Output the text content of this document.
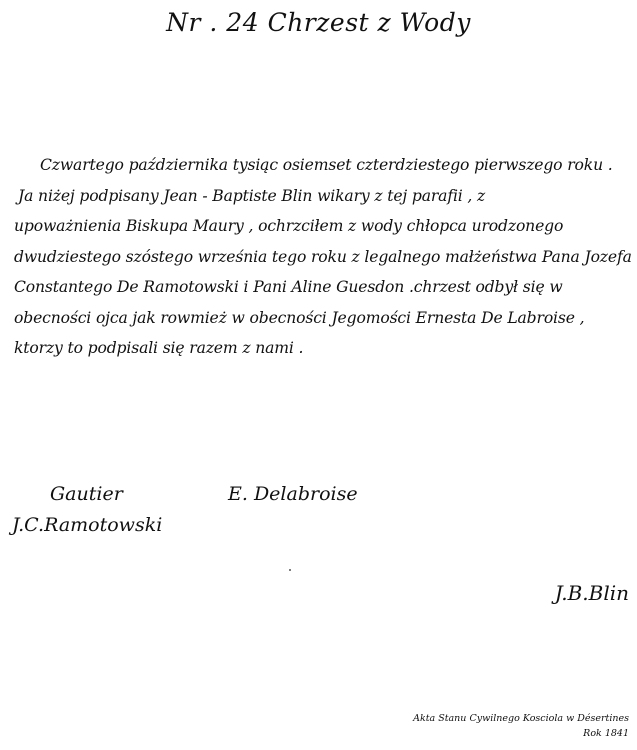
Nr . 24 Chrzest z Wody
Czwartego października tysiąc osiemset czterdziestego pierwszego roku .
Ja niżej podpisany Jean - Baptiste Blin wikary z tej parafii , z
upoważnienia Biskupa Maury , ochrzciłem z wody chłopca urodzonego
dwudziestego szóstego września tego roku z legalnego małżeństwa Pana Jozefa
Constantego De Ramotowski i Pani Aline Guesdon .chrzest odbył się w
obecności ojca jak rowmież w obecności Jegomości Ernesta De Labroise ,
ktorzy to podpisali się razem z nami .
Gautier
J.C.Ramotowski
E. Delabroise
J.B.Blin
Akta Stanu Cywilnego Kosciola w Désertines
Rok 1841
